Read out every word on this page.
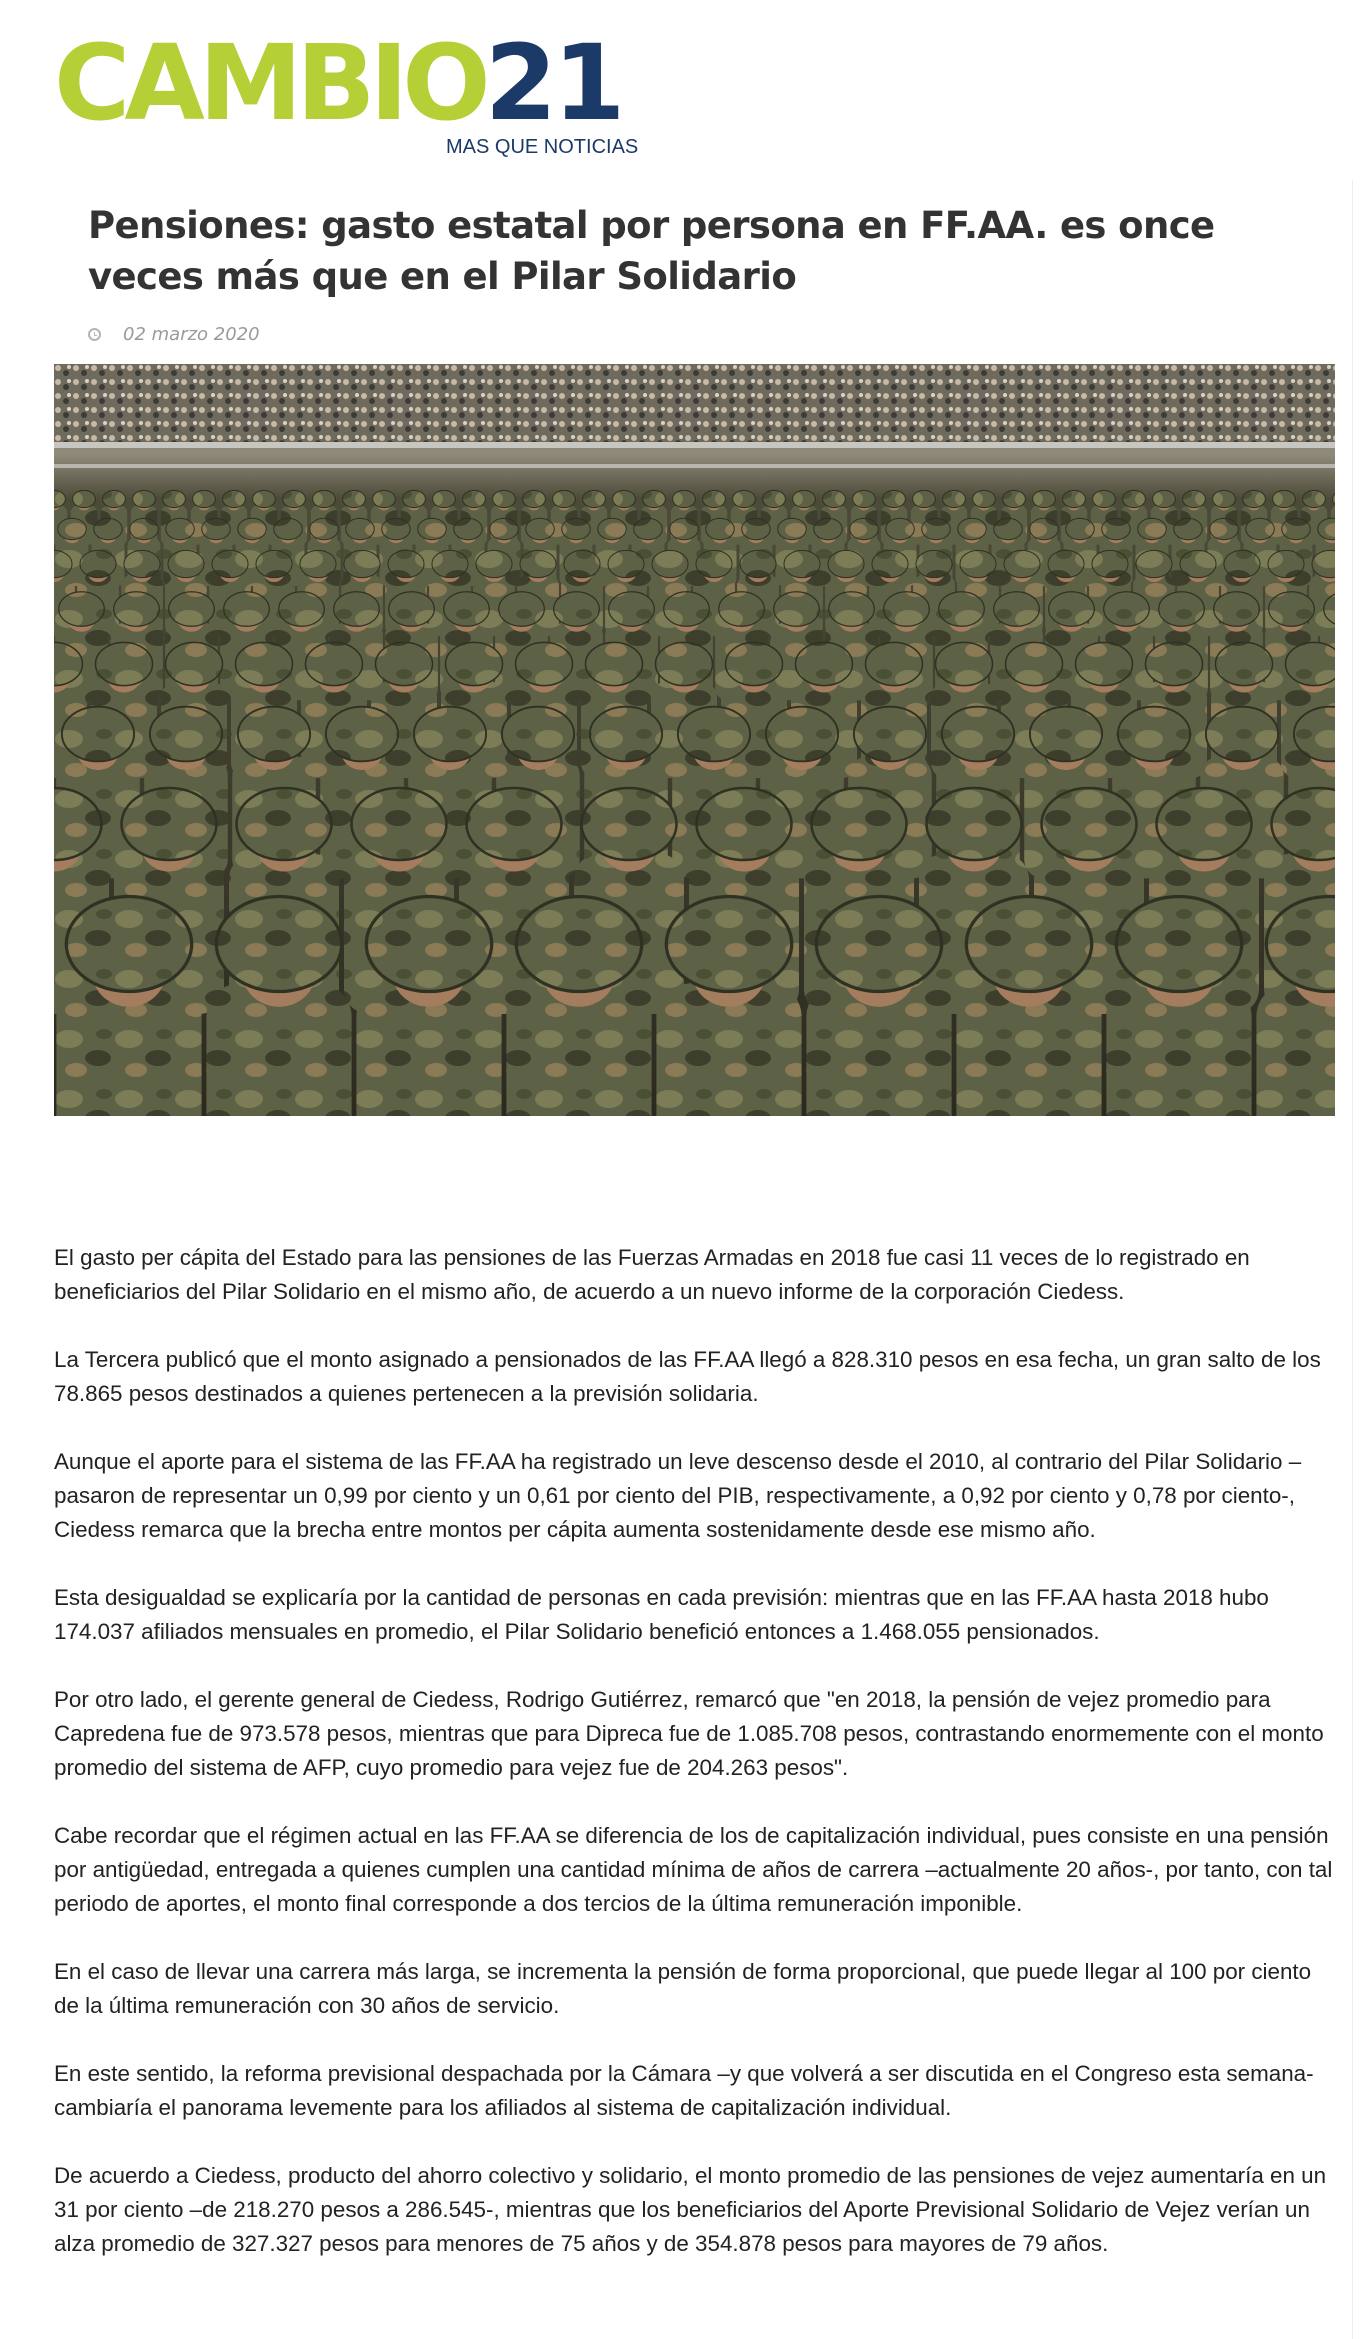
CAMBIO21
MAS QUE NOTICIAS
Pensiones: gasto estatal por persona en FF.AA. es once veces más que en el Pilar Solidario
02 marzo 2020

El gasto per cápita del Estado para las pensiones de las Fuerzas Armadas en 2018 fue casi 11 veces de lo registrado en beneficiarios del Pilar Solidario en el mismo año, de acuerdo a un nuevo informe de la corporación Ciedess.

La Tercera publicó que el monto asignado a pensionados de las FF.AA llegó a 828.310 pesos en esa fecha, un gran salto de los 78.865 pesos destinados a quienes pertenecen a la previsión solidaria.

Aunque el aporte para el sistema de las FF.AA ha registrado un leve descenso desde el 2010, al contrario del Pilar Solidario –pasaron de representar un 0,99 por ciento y un 0,61 por ciento del PIB, respectivamente, a 0,92 por ciento y 0,78 por ciento-, Ciedess remarca que la brecha entre montos per cápita aumenta sostenidamente desde ese mismo año.

Esta desigualdad se explicaría por la cantidad de personas en cada previsión: mientras que en las FF.AA hasta 2018 hubo 174.037 afiliados mensuales en promedio, el Pilar Solidario benefició entonces a 1.468.055 pensionados.

Por otro lado, el gerente general de Ciedess, Rodrigo Gutiérrez, remarcó que "en 2018, la pensión de vejez promedio para Capredena fue de 973.578 pesos, mientras que para Dipreca fue de 1.085.708 pesos, contrastando enormemente con el monto promedio del sistema de AFP, cuyo promedio para vejez fue de 204.263 pesos".

Cabe recordar que el régimen actual en las FF.AA se diferencia de los de capitalización individual, pues consiste en una pensión por antigüedad, entregada a quienes cumplen una cantidad mínima de años de carrera –actualmente 20 años-, por tanto, con tal periodo de aportes, el monto final corresponde a dos tercios de la última remuneración imponible.

En el caso de llevar una carrera más larga, se incrementa la pensión de forma proporcional, que puede llegar al 100 por ciento de la última remuneración con 30 años de servicio.

En este sentido, la reforma previsional despachada por la Cámara –y que volverá a ser discutida en el Congreso esta semana- cambiaría el panorama levemente para los afiliados al sistema de capitalización individual.

De acuerdo a Ciedess, producto del ahorro colectivo y solidario, el monto promedio de las pensiones de vejez aumentaría en un 31 por ciento –de 218.270 pesos a 286.545-, mientras que los beneficiarios del Aporte Previsional Solidario de Vejez verían un alza promedio de 327.327 pesos para menores de 75 años y de 354.878 pesos para mayores de 79 años.
